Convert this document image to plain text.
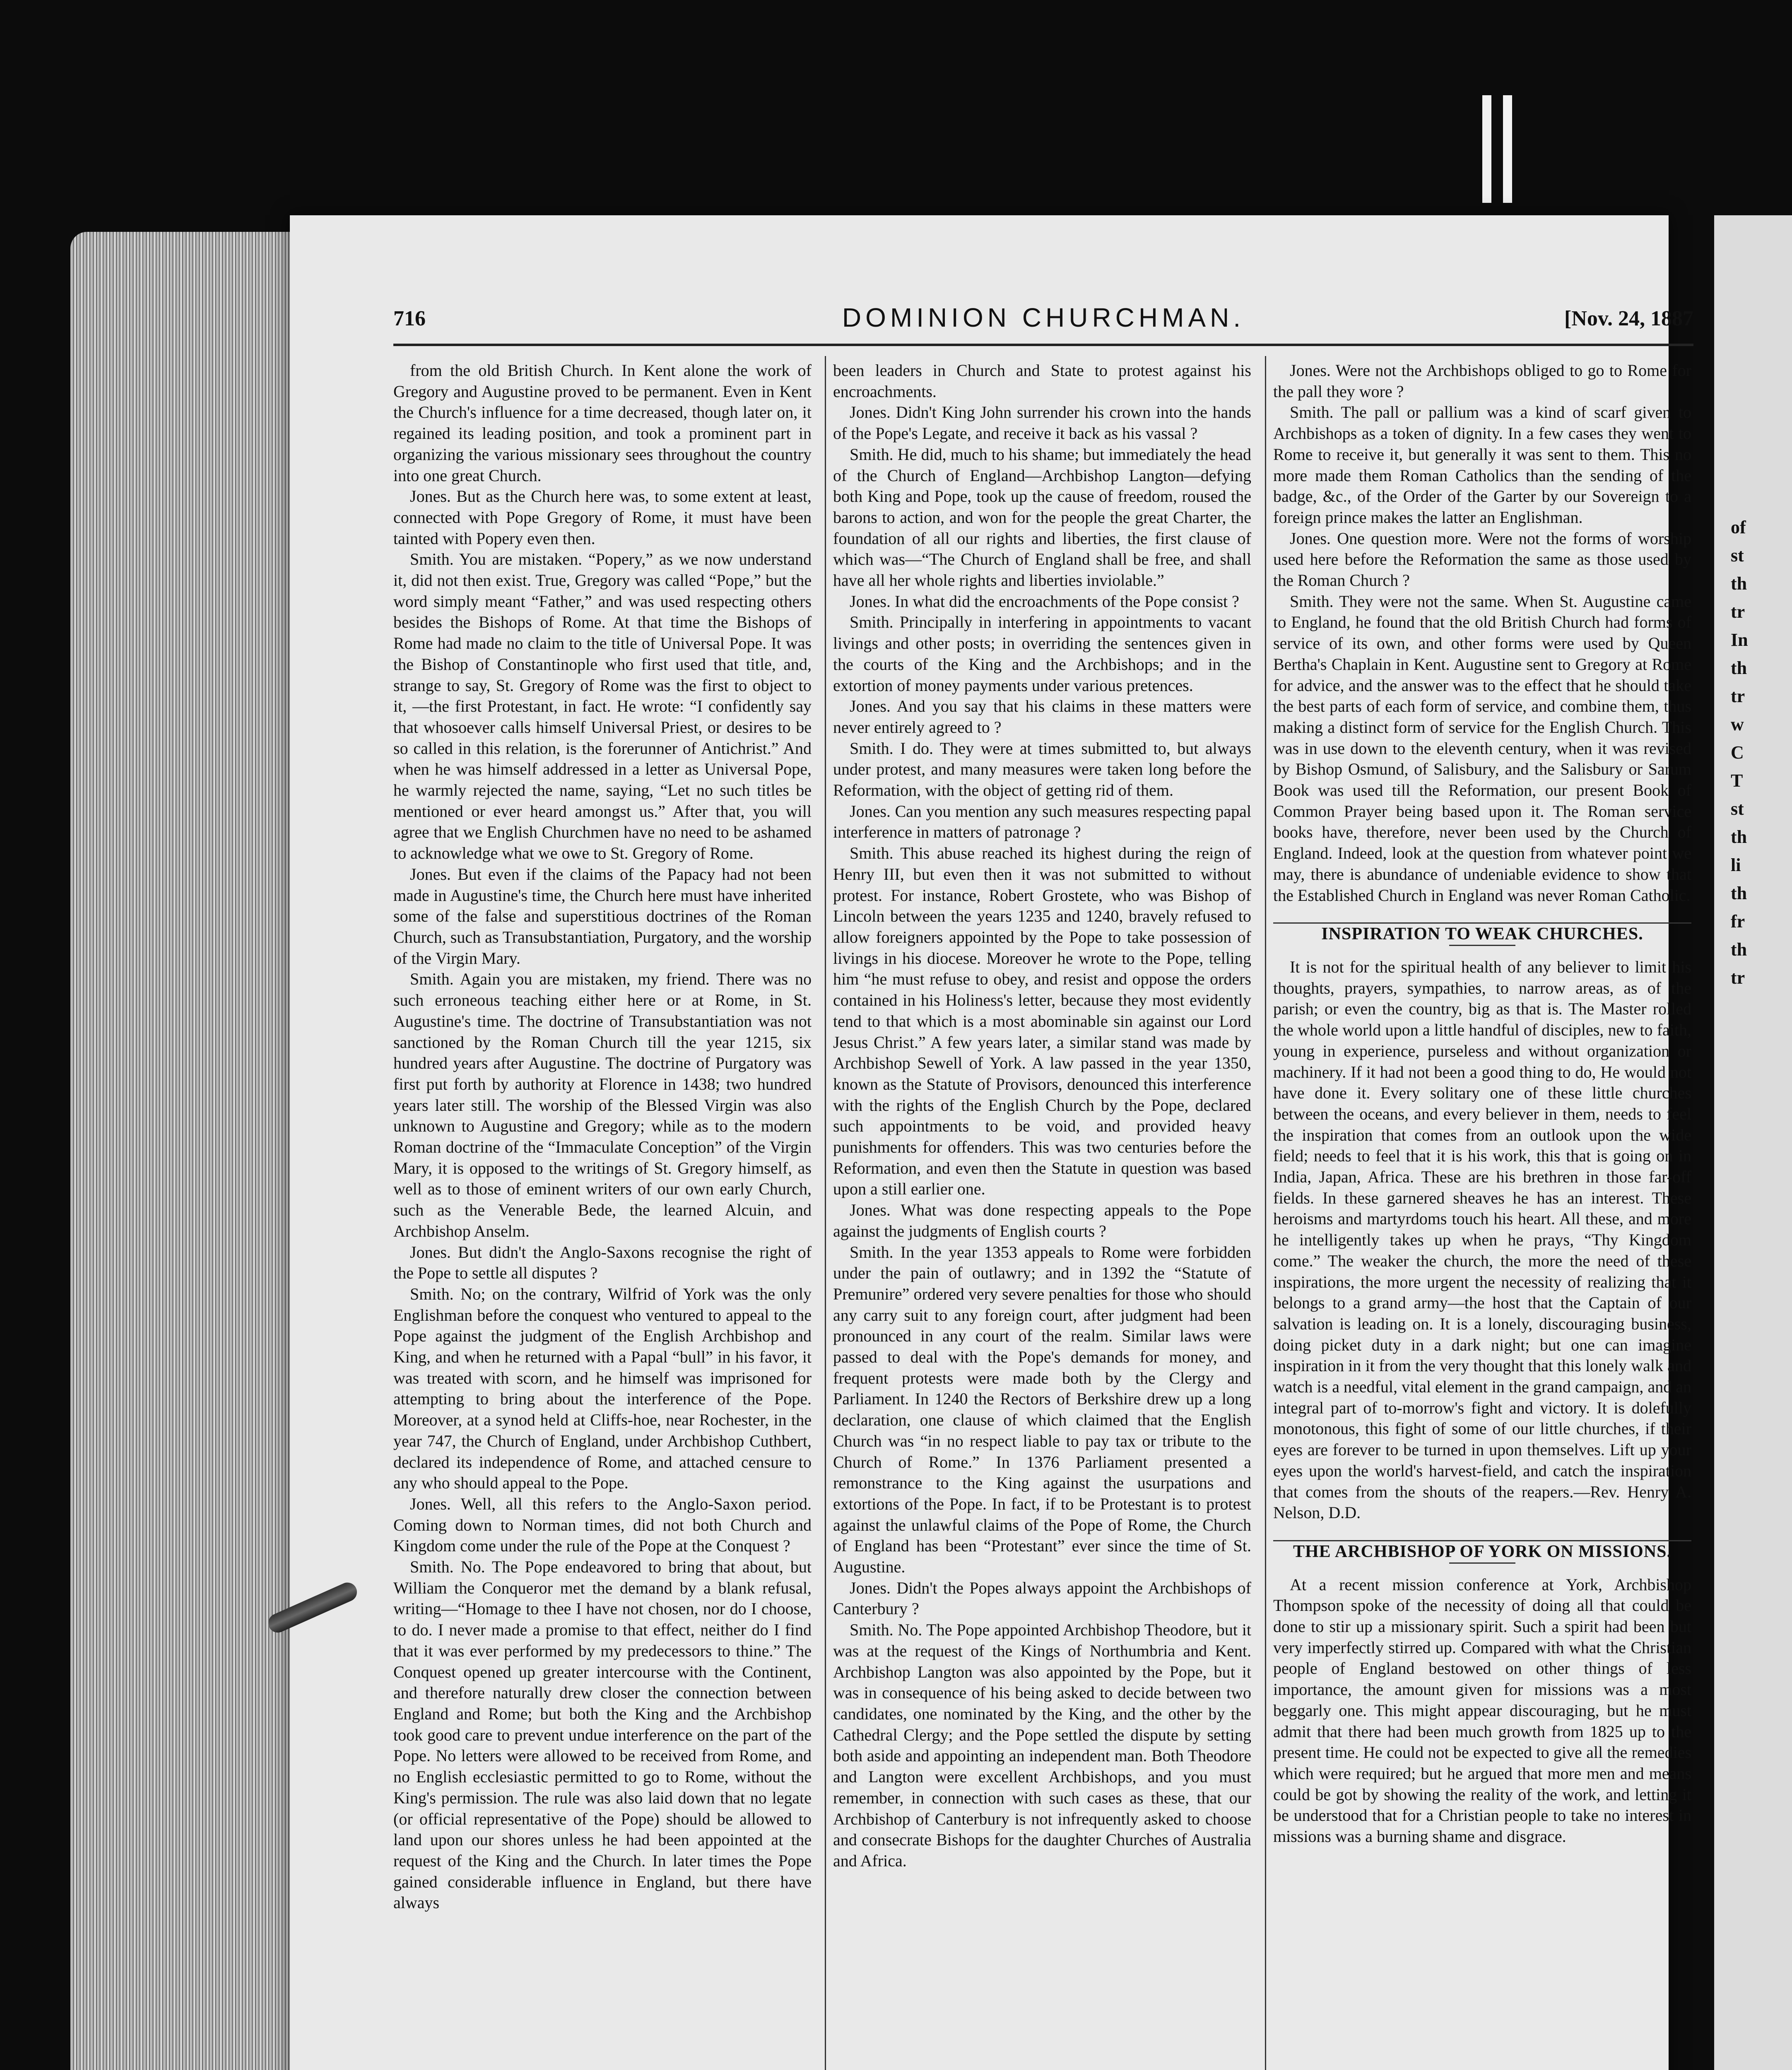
of
st
th
tr
In
th
tr
w
C
T
st
th
li
th
fr
th
tr
716	DOMINION CHURCHMAN.	[Nov. 24, 1887

from the old British Church. In Kent alone the work of Gregory and Augustine proved to be permanent. Even in Kent the Church's influence for a time decreased, though later on, it regained its leading position, and took a prominent part in organizing the various missionary sees throughout the country into one great Church.

Jones. But as the Church here was, to some extent at least, connected with Pope Gregory of Rome, it must have been tainted with Popery even then.

Smith. You are mistaken. “Popery,” as we now understand it, did not then exist. True, Gregory was called “Pope,” but the word simply meant “Father,” and was used respecting others besides the Bishops of Rome. At that time the Bishops of Rome had made no claim to the title of Universal Pope. It was the Bishop of Constantinople who first used that title, and, strange to say, St. Gregory of Rome was the first to object to it, —the first Protestant, in fact. He wrote: “I confidently say that whosoever calls himself Universal Priest, or desires to be so called in this relation, is the forerunner of Antichrist.” And when he was himself addressed in a letter as Universal Pope, he warmly rejected the name, saying, “Let no such titles be mentioned or ever heard amongst us.” After that, you will agree that we English Churchmen have no need to be ashamed to acknowledge what we owe to St. Gregory of Rome.

Jones. But even if the claims of the Papacy had not been made in Augustine's time, the Church here must have inherited some of the false and superstitious doctrines of the Roman Church, such as Transubstantiation, Purgatory, and the worship of the Virgin Mary.

Smith. Again you are mistaken, my friend. There was no such erroneous teaching either here or at Rome, in St. Augustine's time. The doctrine of Transubstantiation was not sanctioned by the Roman Church till the year 1215, six hundred years after Augustine. The doctrine of Purgatory was first put forth by authority at Florence in 1438; two hundred years later still. The worship of the Blessed Virgin was also unknown to Augustine and Gregory; while as to the modern Roman doctrine of the “Immaculate Conception” of the Virgin Mary, it is opposed to the writings of St. Gregory himself, as well as to those of eminent writers of our own early Church, such as the Venerable Bede, the learned Alcuin, and Archbishop Anselm.

Jones. But didn't the Anglo-Saxons recognise the right of the Pope to settle all disputes ?

Smith. No; on the contrary, Wilfrid of York was the only Englishman before the conquest who ventured to appeal to the Pope against the judgment of the English Archbishop and King, and when he returned with a Papal “bull” in his favor, it was treated with scorn, and he himself was imprisoned for attempting to bring about the interference of the Pope. Moreover, at a synod held at Cliffs-hoe, near Rochester, in the year 747, the Church of England, under Archbishop Cuthbert, declared its independence of Rome, and attached censure to any who should appeal to the Pope.

Jones. Well, all this refers to the Anglo-Saxon period. Coming down to Norman times, did not both Church and Kingdom come under the rule of the Pope at the Conquest ?

Smith. No. The Pope endeavored to bring that about, but William the Conqueror met the demand by a blank refusal, writing—“Homage to thee I have not chosen, nor do I choose, to do. I never made a promise to that effect, neither do I find that it was ever performed by my predecessors to thine.” The Conquest opened up greater intercourse with the Continent, and therefore naturally drew closer the connection between England and Rome; but both the King and the Archbishop took good care to prevent undue interference on the part of the Pope. No letters were allowed to be received from Rome, and no English ecclesiastic permitted to go to Rome, without the King's permission. The rule was also laid down that no legate (or official representative of the Pope) should be allowed to land upon our shores unless he had been appointed at the request of the King and the Church. In later times the Pope gained considerable influence in England, but there have always

been leaders in Church and State to protest against his encroachments.

Jones. Didn't King John surrender his crown into the hands of the Pope's Legate, and receive it back as his vassal ?

Smith. He did, much to his shame; but immediately the head of the Church of England—Archbishop Langton—defying both King and Pope, took up the cause of freedom, roused the barons to action, and won for the people the great Charter, the foundation of all our rights and liberties, the first clause of which was—“The Church of England shall be free, and shall have all her whole rights and liberties inviolable.”

Jones. In what did the encroachments of the Pope consist ?

Smith. Principally in interfering in appointments to vacant livings and other posts; in overriding the sentences given in the courts of the King and the Archbishops; and in the extortion of money payments under various pretences.

Jones. And you say that his claims in these matters were never entirely agreed to ?

Smith. I do. They were at times submitted to, but always under protest, and many measures were taken long before the Reformation, with the object of getting rid of them.

Jones. Can you mention any such measures respecting papal interference in matters of patronage ?

Smith. This abuse reached its highest during the reign of Henry III, but even then it was not submitted to without protest. For instance, Robert Grostete, who was Bishop of Lincoln between the years 1235 and 1240, bravely refused to allow foreigners appointed by the Pope to take possession of livings in his diocese. Moreover he wrote to the Pope, telling him “he must refuse to obey, and resist and oppose the orders contained in his Holiness's letter, because they most evidently tend to that which is a most abominable sin against our Lord Jesus Christ.” A few years later, a similar stand was made by Archbishop Sewell of York. A law passed in the year 1350, known as the Statute of Provisors, denounced this interference with the rights of the English Church by the Pope, declared such appointments to be void, and provided heavy punishments for offenders. This was two centuries before the Reformation, and even then the Statute in question was based upon a still earlier one.

Jones. What was done respecting appeals to the Pope against the judgments of English courts ?

Smith. In the year 1353 appeals to Rome were forbidden under the pain of outlawry; and in 1392 the “Statute of Premunire” ordered very severe penalties for those who should any carry suit to any foreign court, after judgment had been pronounced in any court of the realm. Similar laws were passed to deal with the Pope's demands for money, and frequent protests were made both by the Clergy and Parliament. In 1240 the Rectors of Berkshire drew up a long declaration, one clause of which claimed that the English Church was “in no respect liable to pay tax or tribute to the Church of Rome.” In 1376 Parliament presented a remonstrance to the King against the usurpations and extortions of the Pope. In fact, if to be Protestant is to protest against the unlawful claims of the Pope of Rome, the Church of England has been “Protestant” ever since the time of St. Augustine.

Jones. Didn't the Popes always appoint the Archbishops of Canterbury ?

Smith. No. The Pope appointed Archbishop Theodore, but it was at the request of the Kings of Northumbria and Kent. Archbishop Langton was also appointed by the Pope, but it was in consequence of his being asked to decide between two candidates, one nominated by the King, and the other by the Cathedral Clergy; and the Pope settled the dispute by setting both aside and appointing an independent man. Both Theodore and Langton were excellent Archbishops, and you must remember, in connection with such cases as these, that our Archbishop of Canterbury is not infrequently asked to choose and consecrate Bishops for the daughter Churches of Australia and Africa.

Jones. Were not the Archbishops obliged to go to Rome for the pall they wore ?

Smith. The pall or pallium was a kind of scarf given to Archbishops as a token of dignity. In a few cases they went to Rome to receive it, but generally it was sent to them. This no more made them Roman Catholics than the sending of the badge, &c., of the Order of the Garter by our Sovereign to a foreign prince makes the latter an Englishman.

Jones. One question more. Were not the forms of worship used here before the Reformation the same as those used by the Roman Church ?

Smith. They were not the same. When St. Augustine came to England, he found that the old British Church had forms of service of its own, and other forms were used by Queen Bertha's Chaplain in Kent. Augustine sent to Gregory at Rome for advice, and the answer was to the effect that he should take the best parts of each form of service, and combine them, thus making a distinct form of service for the English Church. This was in use down to the eleventh century, when it was revised by Bishop Osmund, of Salisbury, and the Salisbury or Sarum Book was used till the Reformation, our present Book of Common Prayer being based upon it. The Roman service books have, therefore, never been used by the Church of England. Indeed, look at the question from whatever point we may, there is abundance of undeniable evidence to show that the Established Church in England was never Roman Catholic.

INSPIRATION TO WEAK CHURCHES.

It is not for the spiritual health of any believer to limit his thoughts, prayers, sympathies, to narrow areas, as of the parish; or even the country, big as that is. The Master rolled the whole world upon a little handful of disciples, new to faith, young in experience, purseless and without organization or machinery. If it had not been a good thing to do, He would not have done it. Every solitary one of these little churches between the oceans, and every believer in them, needs to feel the inspiration that comes from an outlook upon the wide field; needs to feel that it is his work, this that is going on in India, Japan, Africa. These are his brethren in those far-off fields. In these garnered sheaves he has an interest. These heroisms and martyrdoms touch his heart. All these, and more he intelligently takes up when he prays, “Thy Kingdom come.” The weaker the church, the more the need of these inspirations, the more urgent the necessity of realizing that it belongs to a grand army—the host that the Captain of our salvation is leading on. It is a lonely, discouraging business, doing picket duty in a dark night; but one can imagine inspiration in it from the very thought that this lonely walk and watch is a needful, vital element in the grand campaign, and an integral part of to-morrow's fight and victory. It is dolefully monotonous, this fight of some of our little churches, if their eyes are forever to be turned in upon themselves. Lift up your eyes upon the world's harvest-field, and catch the inspiration that comes from the shouts of the reapers.—Rev. Henry A. Nelson, D.D.

THE ARCHBISHOP OF YORK ON MISSIONS.

At a recent mission conference at York, Archbishop Thompson spoke of the necessity of doing all that could be done to stir up a missionary spirit. Such a spirit had been but very imperfectly stirred up. Compared with what the Christian people of England bestowed on other things of less importance, the amount given for missions was a most beggarly one. This might appear discouraging, but he must admit that there had been much growth from 1825 up to the present time. He could not be expected to give all the remedies which were required; but he argued that more men and means could be got by showing the reality of the work, and letting it be understood that for a Christian people to take no interest in missions was a burning shame and disgrace.
